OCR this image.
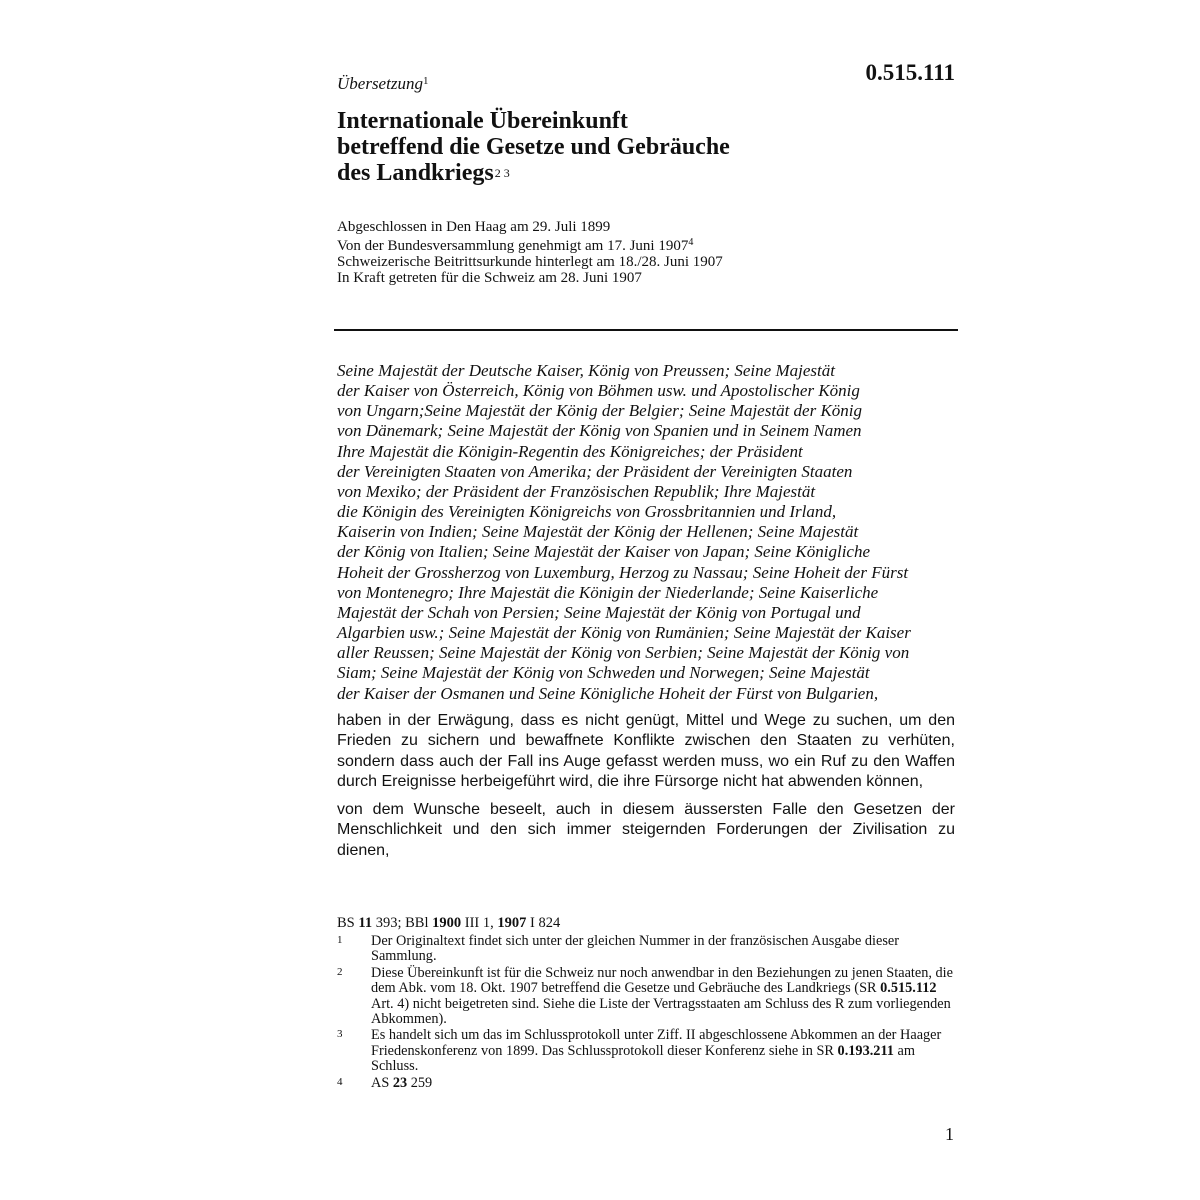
Übersetzung$^1$	0.515.111
Internationale Übereinkunft
betreffend die Gesetze und Gebräuche
des Landkriegs$^{2 3}$
Abgeschlossen in Den Haag am 29. Juli 1899
Von der Bundesversammlung genehmigt am 17. Juni 1907$^4$
Schweizerische Beitrittsurkunde hinterlegt am 18./28. Juni 1907
In Kraft getreten für die Schweiz am 28. Juni 1907
Seine Majestät der Deutsche Kaiser, König von Preussen; Seine Majestät
der Kaiser von Österreich, König von Böhmen usw. und Apostolischer König
von Ungarn;Seine Majestät der König der Belgier; Seine Majestät der König
von Dänemark; Seine Majestät der König von Spanien und in Seinem Namen
Ihre Majestät die Königin-Regentin des Königreiches; der Präsident
der Vereinigten Staaten von Amerika; der Präsident der Vereinigten Staaten
von Mexiko; der Präsident der Französischen Republik; Ihre Majestät
die Königin des Vereinigten Königreichs von Grossbritannien und Irland,
Kaiserin von Indien; Seine Majestät der König der Hellenen; Seine Majestät
der König von Italien; Seine Majestät der Kaiser von Japan; Seine Königliche
Hoheit der Grossherzog von Luxemburg, Herzog zu Nassau; Seine Hoheit der Fürst
von Montenegro; Ihre Majestät die Königin der Niederlande; Seine Kaiserliche
Majestät der Schah von Persien; Seine Majestät der König von Portugal und
Algarbien usw.; Seine Majestät der König von Rumänien; Seine Majestät der Kaiser
aller Reussen; Seine Majestät der König von Serbien; Seine Majestät der König von
Siam; Seine Majestät der König von Schweden und Norwegen; Seine Majestät
der Kaiser der Osmanen und Seine Königliche Hoheit der Fürst von Bulgarien,
haben in der Erwägung, dass es nicht genügt, Mittel und Wege zu suchen, um den Frieden zu sichern und bewaffnete Konflikte zwischen den Staaten zu verhüten, sondern dass auch der Fall ins Auge gefasst werden muss, wo ein Ruf zu den Waffen durch Ereignisse herbeigeführt wird, die ihre Fürsorge nicht hat abwenden können,
von dem Wunsche beseelt, auch in diesem äussersten Falle den Gesetzen der Menschlichkeit und den sich immer steigernden Forderungen der Zivilisation zu dienen,
BS 11 393; BBl 1900 III 1, 1907 I 824
1	Der Originaltext findet sich unter der gleichen Nummer in der französischen Ausgabe dieser Sammlung.
2	Diese Übereinkunft ist für die Schweiz nur noch anwendbar in den Beziehungen zu jenen Staaten, die dem Abk. vom 18. Okt. 1907 betreffend die Gesetze und Gebräuche des Landkriegs (SR 0.515.112 Art. 4) nicht beigetreten sind. Siehe die Liste der Vertragsstaaten am Schluss des R zum vorliegenden Abkommen).
3	Es handelt sich um das im Schlussprotokoll unter Ziff. II abgeschlossene Abkommen an der Haager Friedenskonferenz von 1899. Das Schlussprotokoll dieser Konferenz siehe in SR 0.193.211 am Schluss.
4	AS 23 259
1
